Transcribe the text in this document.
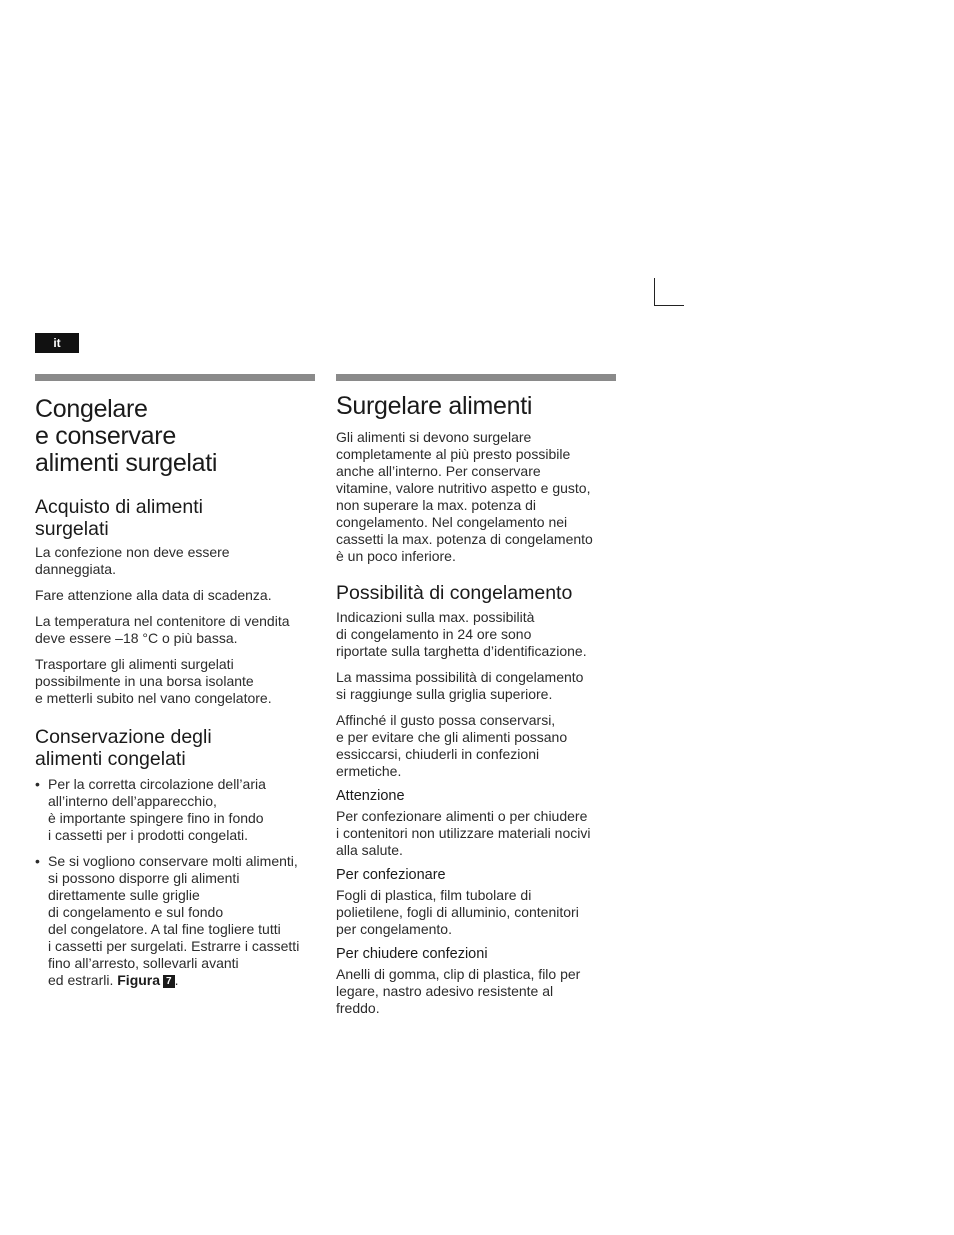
it
Congelare
e conservare
alimenti surgelati
Acquisto di alimenti
surgelati

La confezione non deve essere
danneggiata.

Fare attenzione alla data di scadenza.

La temperatura nel contenitore di vendita
deve essere –18 °C o più bassa.

Trasportare gli alimenti surgelati
possibilmente in una borsa isolante
e metterli subito nel vano congelatore.

Conservazione degli
alimenti congelati
• Per la corretta circolazione dell’aria
all’interno dell’apparecchio,
è importante spingere fino in fondo
i cassetti per i prodotti congelati.
• Se si vogliono conservare molti alimenti,
si possono disporre gli alimenti
direttamente sulle griglie
di congelamento e sul fondo
del congelatore. A tal fine togliere tutti
i cassetti per surgelati. Estrarre i cassetti
fino all’arresto, sollevarli avanti
ed estrarli. Figura 7 .
Surgelare alimenti

Gli alimenti si devono surgelare
completamente al più presto possibile
anche all’interno. Per conservare
vitamine, valore nutritivo aspetto e gusto,
non superare la max. potenza di
congelamento. Nel congelamento nei
cassetti la max. potenza di congelamento
è un poco inferiore.

Possibilità di congelamento

Indicazioni sulla max. possibilità
di congelamento in 24 ore sono
riportate sulla targhetta d’identificazione.

La massima possibilità di congelamento
si raggiunge sulla griglia superiore.

Affinché il gusto possa conservarsi,
e per evitare che gli alimenti possano
essiccarsi, chiuderli in confezioni
ermetiche.

Attenzione

Per confezionare alimenti o per chiudere
i contenitori non utilizzare materiali nocivi
alla salute.

Per confezionare

Fogli di plastica, film tubolare di
polietilene, fogli di alluminio, contenitori
per congelamento.

Per chiudere confezioni

Anelli di gomma, clip di plastica, filo per
legare, nastro adesivo resistente al
freddo.
